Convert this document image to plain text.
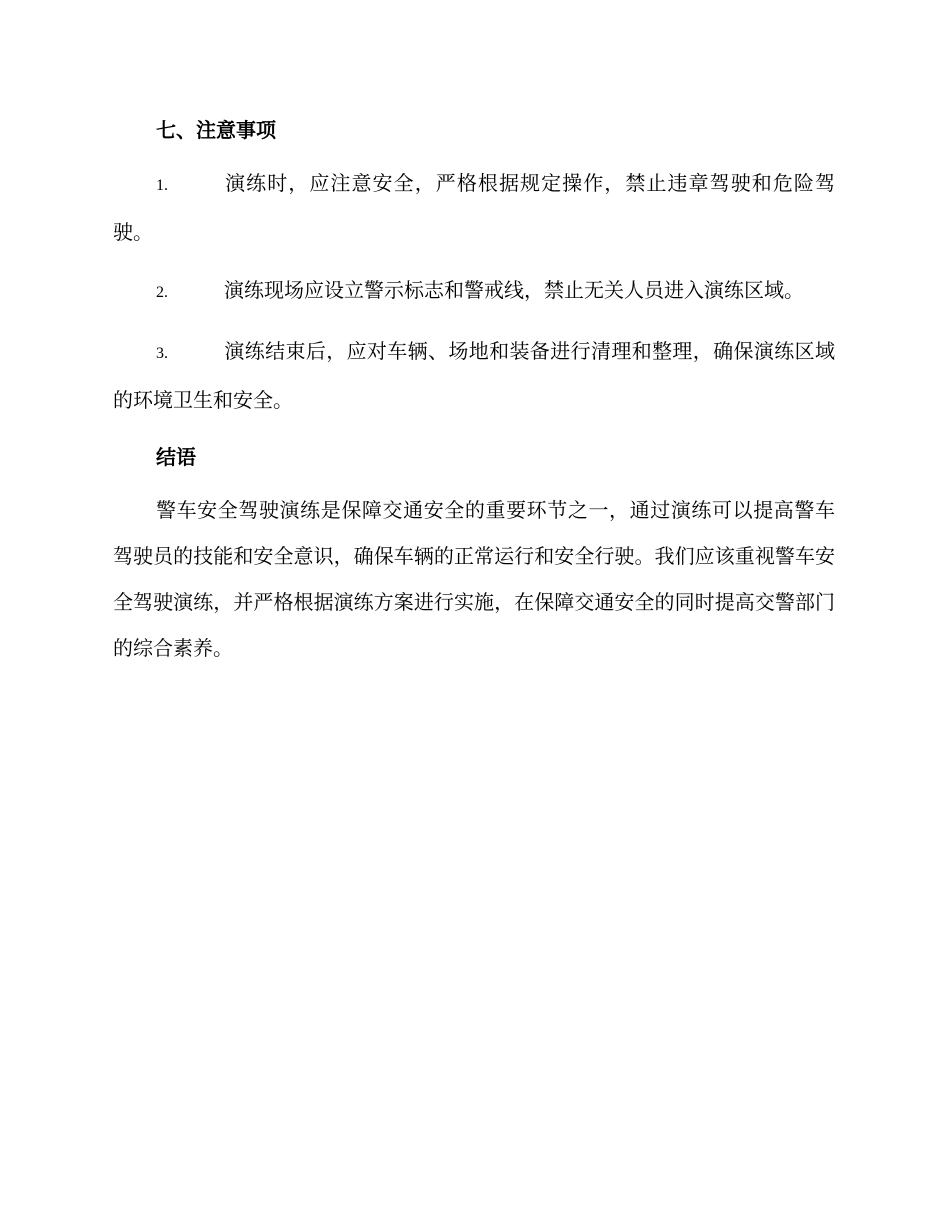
七、注意事项
1.	演练时，应注意安全，严格根据规定操作，禁止违章驾驶和危险驾驶。
2.	演练现场应设立警示标志和警戒线，禁止无关人员进入演练区域。
3.	演练结束后，应对车辆、场地和装备进行清理和整理，确保演练区域的环境卫生和安全。
结语

警车安全驾驶演练是保障交通安全的重要环节之一，通过演练可以提高警车驾驶员的技能和安全意识，确保车辆的正常运行和安全行驶。我们应该重视警车安全驾驶演练，并严格根据演练方案进行实施，在保障交通安全的同时提高交警部门的综合素养。
